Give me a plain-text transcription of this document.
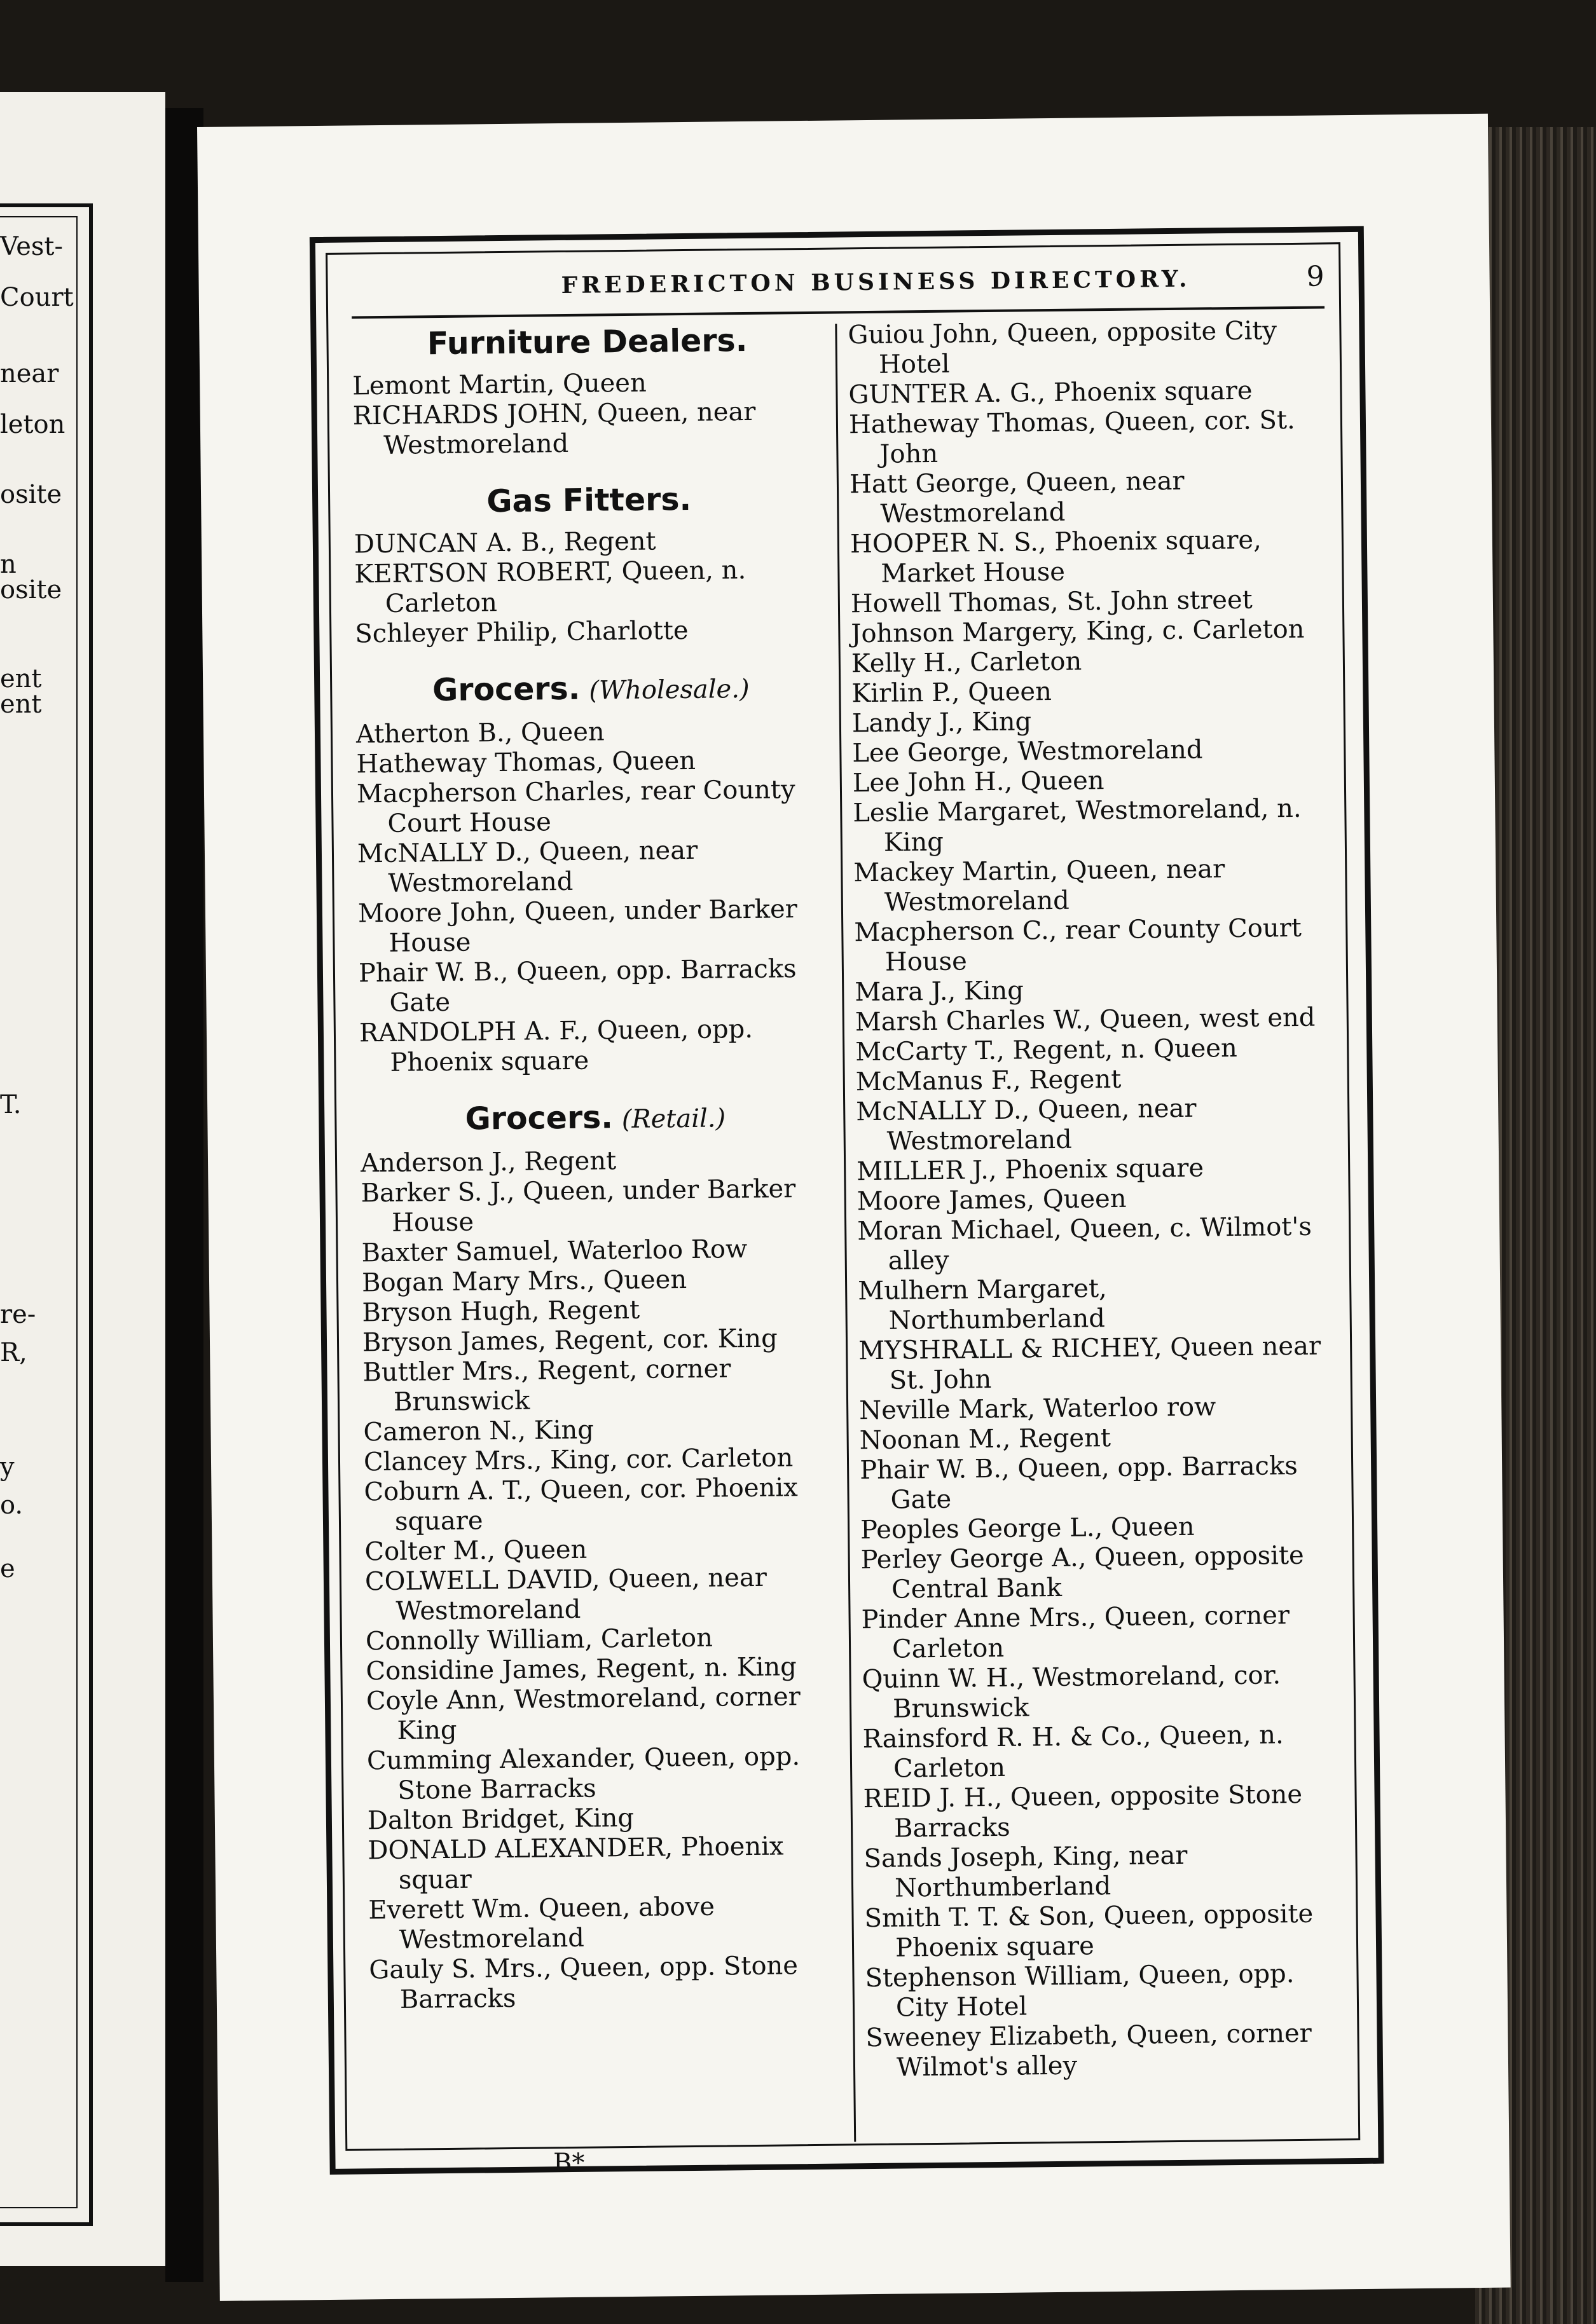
Vest-
Court
near
leton
osite
n
osite
ent
ent
T.
re-
R,
y
o.
e
FREDERICTON BUSINESS DIRECTORY.	9
Furniture Dealers.

Lemont Martin, Queen

RICHARDS JOHN, Queen, near Westmoreland

Gas Fitters.

DUNCAN A. B., Regent

KERTSON ROBERT, Queen, n. Carleton

Schleyer Philip, Charlotte

Grocers. (Wholesale.)

Atherton B., Queen

Hatheway Thomas, Queen

Macpherson Charles, rear County Court House

McNALLY D., Queen, near Westmoreland

Moore John, Queen, under Barker House

Phair W. B., Queen, opp. Barracks Gate

RANDOLPH A. F., Queen, opp. Phoenix square

Grocers. (Retail.)

Anderson J., Regent

Barker S. J., Queen, under Barker House

Baxter Samuel, Waterloo Row

Bogan Mary Mrs., Queen

Bryson Hugh, Regent

Bryson James, Regent, cor. King

Buttler Mrs., Regent, corner Brunswick

Cameron N., King

Clancey Mrs., King, cor. Carleton

Coburn A. T., Queen, cor. Phoenix square

Colter M., Queen

COLWELL DAVID, Queen, near Westmoreland

Connolly William, Carleton

Considine James, Regent, n. King

Coyle Ann, Westmoreland, corner King

Cumming Alexander, Queen, opp. Stone Barracks

Dalton Bridget, King

DONALD ALEXANDER, Phoenix squar

Everett Wm. Queen, above Westmoreland

Gauly S. Mrs., Queen, opp. Stone Barracks

Guiou John, Queen, opposite City Hotel

GUNTER A. G., Phoenix square

Hatheway Thomas, Queen, cor. St. John

Hatt George, Queen, near Westmoreland

HOOPER N. S., Phoenix square, Market House

Howell Thomas, St. John street

Johnson Margery, King, c. Carleton

Kelly H., Carleton

Kirlin P., Queen

Landy J., King

Lee George, Westmoreland

Lee John H., Queen

Leslie Margaret, Westmoreland, n. King

Mackey Martin, Queen, near Westmoreland

Macpherson C., rear County Court House

Mara J., King

Marsh Charles W., Queen, west end

McCarty T., Regent, n. Queen

McManus F., Regent

McNALLY D., Queen, near Westmoreland

MILLER J., Phoenix square

Moore James, Queen

Moran Michael, Queen, c. Wilmot's alley

Mulhern Margaret, Northumberland

MYSHRALL & RICHEY, Queen near St. John

Neville Mark, Waterloo row

Noonan M., Regent

Phair W. B., Queen, opp. Barracks Gate

Peoples George L., Queen

Perley George A., Queen, opposite Central Bank

Pinder Anne Mrs., Queen, corner Carleton

Quinn W. H., Westmoreland, cor. Brunswick

Rainsford R. H. & Co., Queen, n. Carleton

REID J. H., Queen, opposite Stone Barracks

Sands Joseph, King, near Northumberland

Smith T. T. & Son, Queen, opposite Phoenix square

Stephenson William, Queen, opp. City Hotel

Sweeney Elizabeth, Queen, corner Wilmot's alley

B*
